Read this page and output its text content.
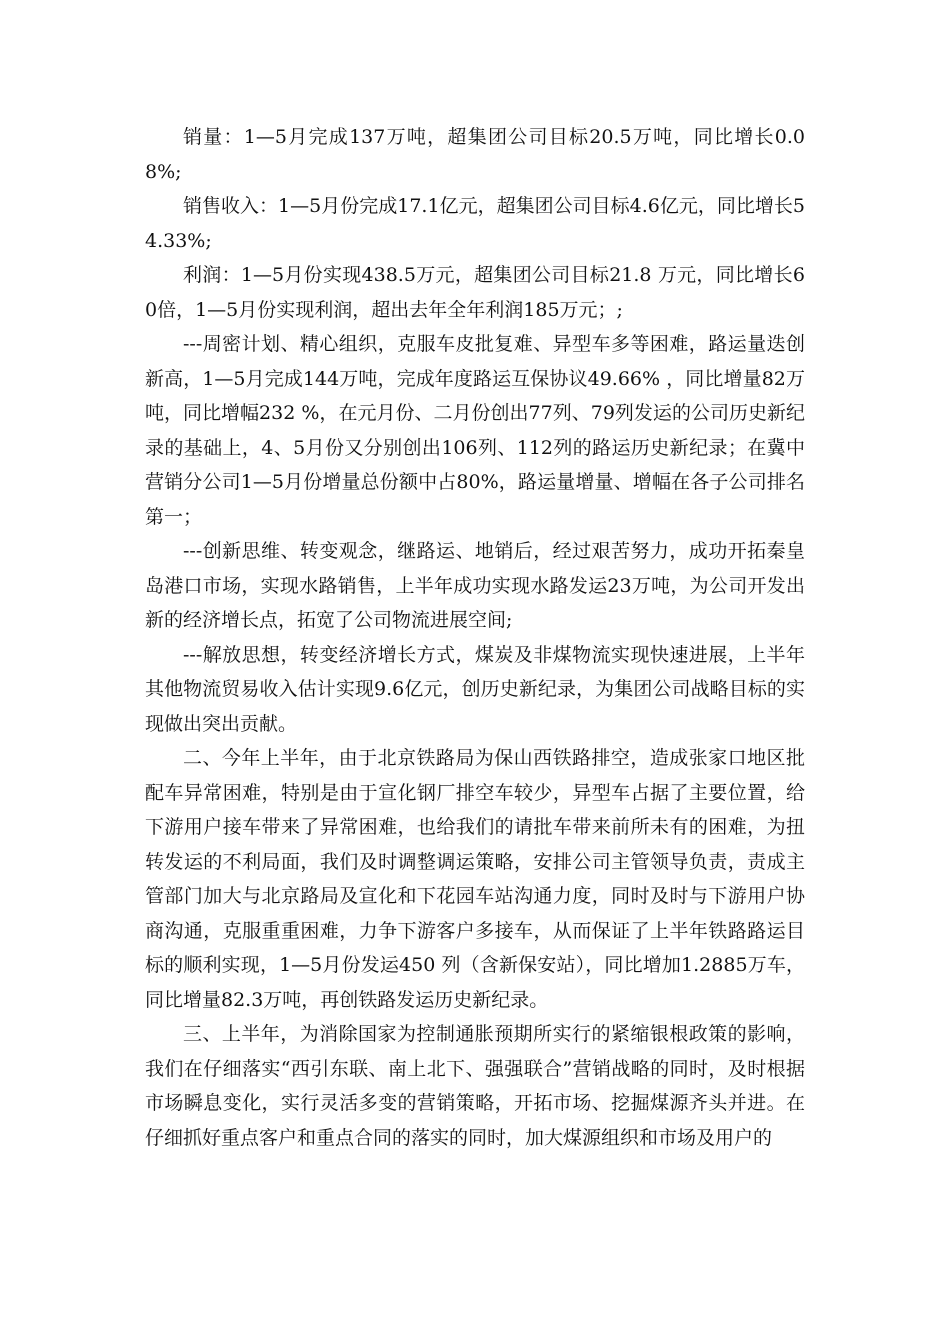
销量：1—5月完成137万吨，超集团公司目标20.5万吨，同比增长0.08%;

销售收入：1—5月份完成17.1亿元，超集团公司目标4.6亿元，同比增长54.33%;

利润：1—5月份实现438.5万元，超集团公司目标21.8 万元，同比增长60倍，1—5月份实现利润，超出去年全年利润185万元；;

---周密计划、精心组织，克服车皮批复难、异型车多等困难，路运量迭创新高，1—5月完成144万吨，完成年度路运互保协议49.66% ，同比增量82万吨，同比增幅232 %，在元月份、二月份创出77列、79列发运的公司历史新纪录的基础上，4、5月份又分别创出106列、112列的路运历史新纪录；在冀中营销分公司1—5月份增量总份额中占80%，路运量增量、增幅在各子公司排名第一；

---创新思维、转变观念，继路运、地销后，经过艰苦努力，成功开拓秦皇岛港口市场，实现水路销售，上半年成功实现水路发运23万吨，为公司开发出新的经济增长点，拓宽了公司物流进展空间;

---解放思想，转变经济增长方式，煤炭及非煤物流实现快速进展，上半年其他物流贸易收入估计实现9.6亿元，创历史新纪录，为集团公司战略目标的实现做出突出贡献。

二、今年上半年，由于北京铁路局为保山西铁路排空，造成张家口地区批配车异常困难，特别是由于宣化钢厂排空车较少，异型车占据了主要位置，给下游用户接车带来了异常困难，也给我们的请批车带来前所未有的困难，为扭转发运的不利局面，我们及时调整调运策略，安排公司主管领导负责，责成主管部门加大与北京路局及宣化和下花园车站沟通力度，同时及时与下游用户协商沟通，克服重重困难，力争下游客户多接车，从而保证了上半年铁路路运目标的顺利实现，1—5月份发运450 列（含新保安站），同比增加1.2885万车，同比增量82.3万吨，再创铁路发运历史新纪录。

三、上半年，为消除国家为控制通胀预期所实行的紧缩银根政策的影响，我们在仔细落实“西引东联、南上北下、强强联合”营销战略的同时，及时根据市场瞬息变化，实行灵活多变的营销策略，开拓市场、挖掘煤源齐头并进。在仔细抓好重点客户和重点合同的落实的同时，加大煤源组织和市场及用户的
